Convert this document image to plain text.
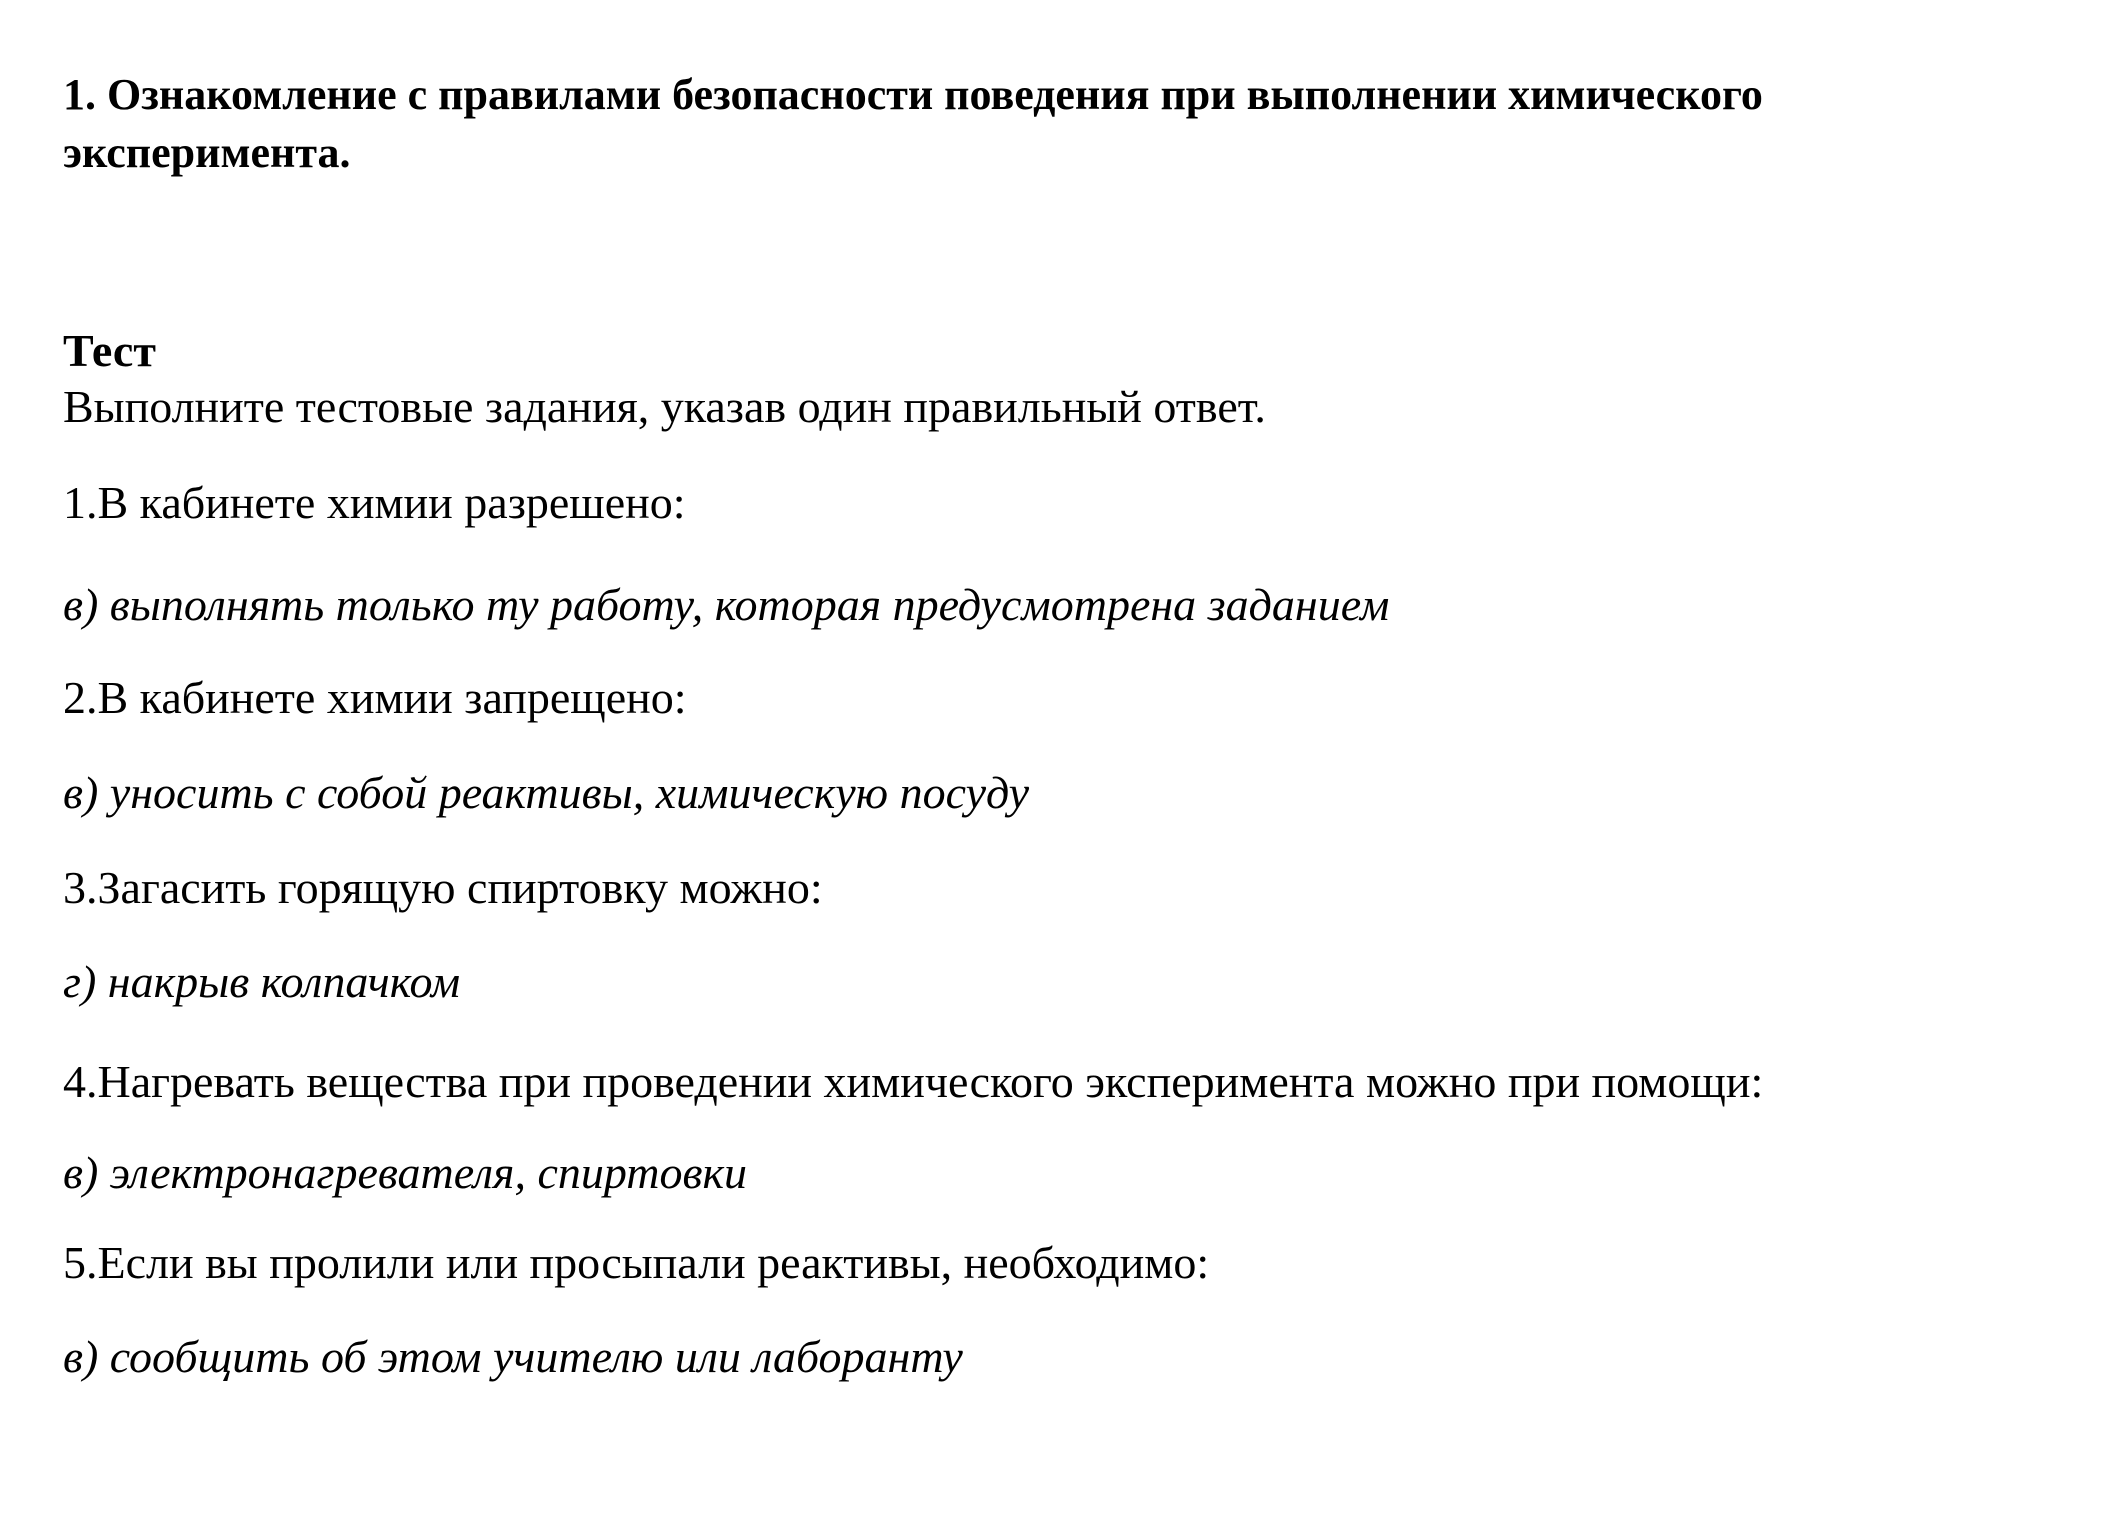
1. Ознакомление с правилами безопасности поведения при выполнении химического
эксперимента.
Тест

Выполните тестовые задания, указав один правильный ответ.

1.В кабинете химии разрешено:

в) выполнять только ту работу, которая предусмотрена заданием

2.В кабинете химии запрещено:

в) уносить с собой реактивы, химическую посуду

3.Загасить горящую спиртовку можно:

г) накрыв колпачком

4.Нагревать вещества при проведении химического эксперимента можно при помощи:

в) электронагревателя, спиртовки

5.Если вы пролили или просыпали реактивы, необходимо:

в) сообщить об этом учителю или лаборанту
